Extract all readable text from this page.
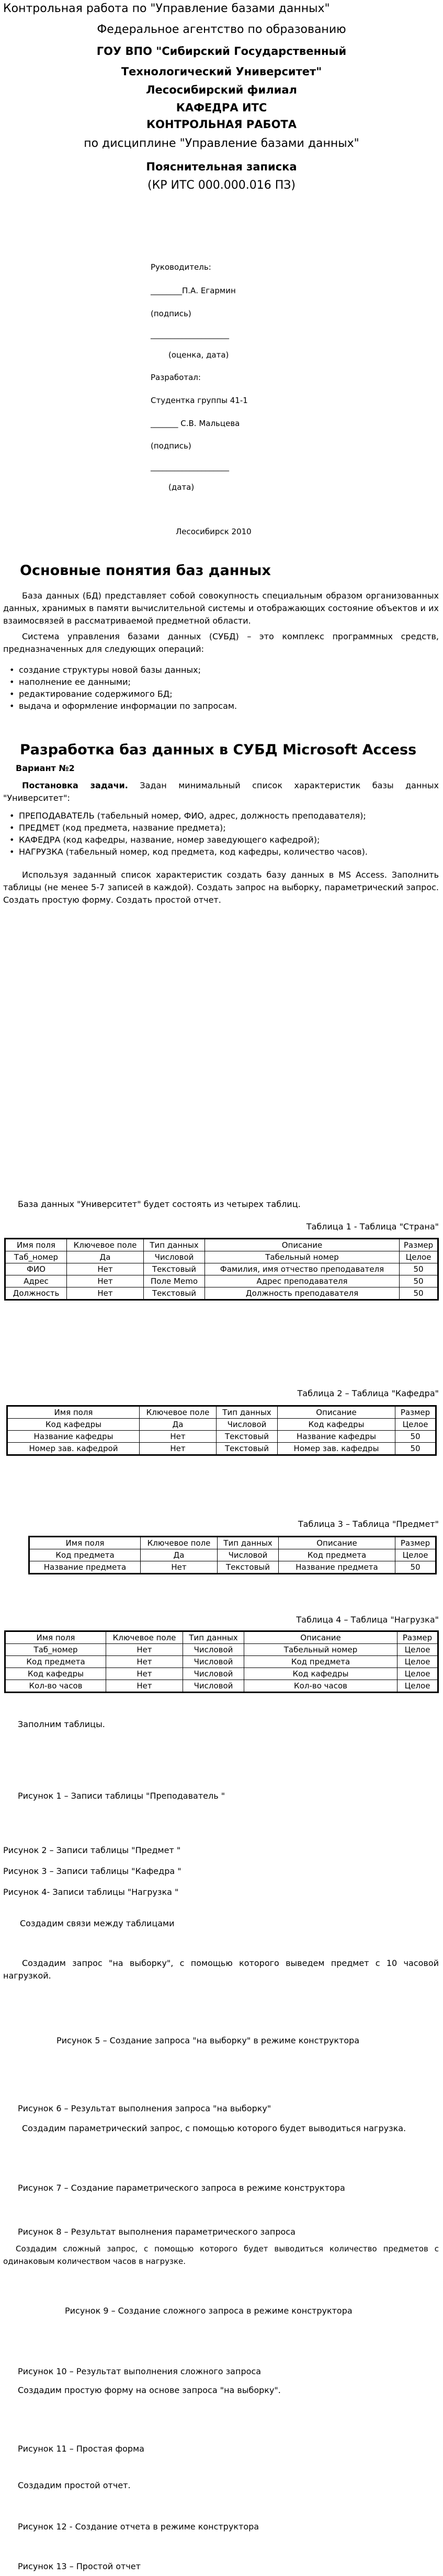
Контрольная работа по "Управление базами данных"
Федеральное агентство по образованию
ГОУ ВПО "Сибирский Государственный
Технологический Университет"
Лесосибирский филиал
КАФЕДРА ИТС
КОНТРОЛЬНАЯ РАБОТА
по дисциплине "Управление базами данных"
Пояснительная записка
(КР ИТС 000.000.016 ПЗ)
Руководитель:
________П.А. Егармин
(подпись)
____________________
(оценка, дата)
Разработал:
Студентка группы 41-1
_______ С.В. Мальцева
(подпись)
____________________
(дата)
Лесосибирск 2010
Основные понятия баз данных

База данных (БД) представляет собой совокупность специальным образом организованных данных, хранимых в памяти вычислительной системы и отображающих состояние объектов и их взаимосвязей в рассматриваемой предметной области.

Система управления базами данных (СУБД) – это комплекс программных средств, предназначенных для следующих операций:

• создание структуры новой базы данных;
• наполнение ее данными;
• редактирование содержимого БД;
• выдача и оформление информации по запросам.
Разработка баз данных в СУБД Microsoft Access
Вариант №2

Постановка задачи. Задан минимальный список характеристик базы данных "Университет":

• ПРЕПОДАВАТЕЛЬ (табельный номер, ФИО, адрес, должность преподавателя);
• ПРЕДМЕТ (код предмета, название предмета);
• КАФЕДРА (код кафедры, название, номер заведующего кафедрой);
• НАГРУЗКА (табельный номер, код предмета, код кафедры, количество часов).

Используя заданный список характеристик создать базу данных в MS Access. Заполнить таблицы (не менее 5-7 записей в каждой). Создать запрос на выборку, параметрический запрос. Создать простую форму. Создать простой отчет.

База данных "Университет" будет состоять из четырех таблиц.
Таблица 1 - Таблица "Страна"
Имя поля	Ключевое поле	Тип данных	Описание	Размер
Таб_номер	Да	Числовой	Табельный номер	Целое
ФИО	Нет	Текстовый	Фамилия, имя отчество преподавателя	50
Адрес	Нет	Поле Memo	Адрес преподавателя	50
Должность	Нет	Текстовый	Должность преподавателя	50
Таблица 2 – Таблица "Кафедра"
Имя поля	Ключевое поле	Тип данных	Описание	Размер
Код кафедры	Да	Числовой	Код кафедры	Целое
Название кафедры	Нет	Текстовый	Название кафедры	50
Номер зав. кафедрой	Нет	Текстовый	Номер зав. кафедры	50
Таблица 3 – Таблица "Предмет"
Имя поля	Ключевое поле	Тип данных	Описание	Размер
Код предмета	Да	Числовой	Код предмета	Целое
Название предмета	Нет	Текстовый	Название предмета	50
Таблица 4 – Таблица "Нагрузка"
Имя поля	Ключевое поле	Тип данных	Описание	Размер
Таб_номер	Нет	Числовой	Табельный номер	Целое
Код предмета	Нет	Числовой	Код предмета	Целое
Код кафедры	Нет	Числовой	Код кафедры	Целое
Кол-во часов	Нет	Числовой	Кол-во часов	Целое
Заполним таблицы.
Рисунок 1 – Записи таблицы "Преподаватель "
Рисунок 2 – Записи таблицы "Предмет "
Рисунок 3 – Записи таблицы "Кафедра "
Рисунок 4- Записи таблицы "Нагрузка "
Создадим связи между таблицами

Создадим запрос "на выборку", с помощью которого выведем предмет с 10 часовой нагрузкой.

Рисунок 5 – Создание запроса "на выборку" в режиме конструктора
Рисунок 6 – Результат выполнения запроса "на выборку"

Создадим параметрический запрос, с помощью которого будет выводиться нагрузка.

Рисунок 7 – Создание параметрического запроса в режиме конструктора
Рисунок 8 – Результат выполнения параметрического запроса

Создадим сложный запрос, с помощью которого будет выводиться количество предметов с одинаковым количеством часов в нагрузке.

Рисунок 9 – Создание сложного запроса в режиме конструктора
Рисунок 10 – Результат выполнения сложного запроса
Создадим простую форму на основе запроса "на выборку".
Рисунок 11 – Простая форма
Создадим простой отчет.
Рисунок 12 - Создание отчета в режиме конструктора
Рисунок 13 – Простой отчет
